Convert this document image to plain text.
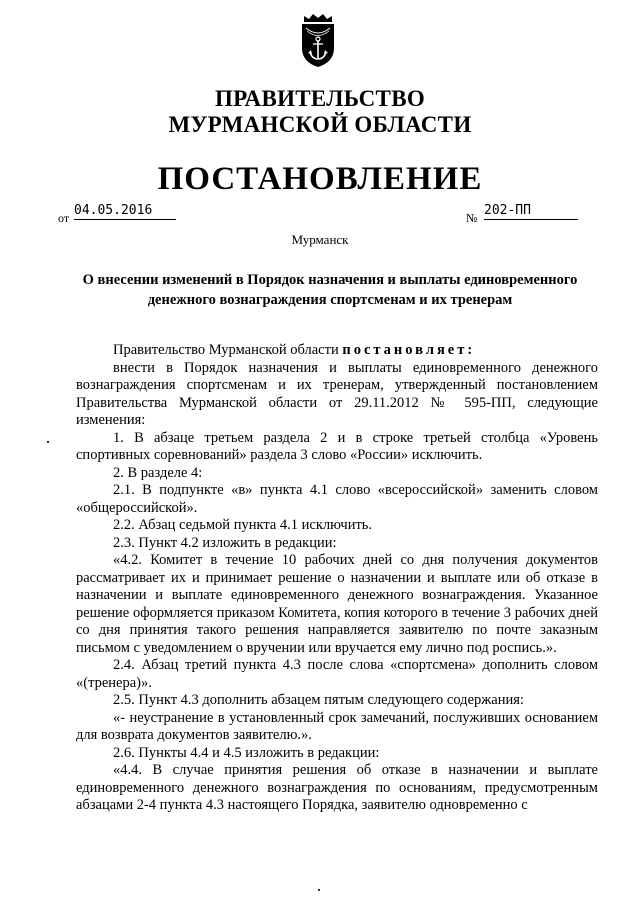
ПРАВИТЕЛЬСТВО
МУРМАНСКОЙ ОБЛАСТИ
ПОСТАНОВЛЕНИЕ
от 04.05.2016	№ 202-ПП
Мурманск
О внесении изменений в Порядок назначения и выплаты единовременного денежного вознаграждения спортсменам и их тренерам

Правительство Мурманской области постановляет:

внести в Порядок назначения и выплаты единовременного денежного вознаграждения спортсменам и их тренерам, утвержденный постановлением Правительства Мурманской области от 29.11.2012 № 595-ПП, следующие изменения:

1. В абзаце третьем раздела 2 и в строке третьей столбца «Уровень спортивных соревнований» раздела 3 слово «России» исключить.

2. В разделе 4:

2.1. В подпункте «в» пункта 4.1 слово «всероссийской» заменить словом «общероссийской».

2.2. Абзац седьмой пункта 4.1 исключить.

2.3. Пункт 4.2 изложить в редакции:

«4.2. Комитет в течение 10 рабочих дней со дня получения документов рассматривает их и принимает решение о назначении и выплате или об отказе в назначении и выплате единовременного денежного вознаграждения. Указанное решение оформляется приказом Комитета, копия которого в течение 3 рабочих дней со дня принятия такого решения направляется заявителю по почте заказным письмом с уведомлением о вручении или вручается ему лично под роспись.».

2.4. Абзац третий пункта 4.3 после слова «спортсмена» дополнить словом «(тренера)».

2.5. Пункт 4.3 дополнить абзацем пятым следующего содержания:

«- неустранение в установленный срок замечаний, послуживших основанием для возврата документов заявителю.».

2.6. Пункты 4.4 и 4.5 изложить в редакции:

«4.4. В случае принятия решения об отказе в назначении и выплате единовременного денежного вознаграждения по основаниям, предусмотренным абзацами 2-4 пункта 4.3 настоящего Порядка, заявителю одновременно с
